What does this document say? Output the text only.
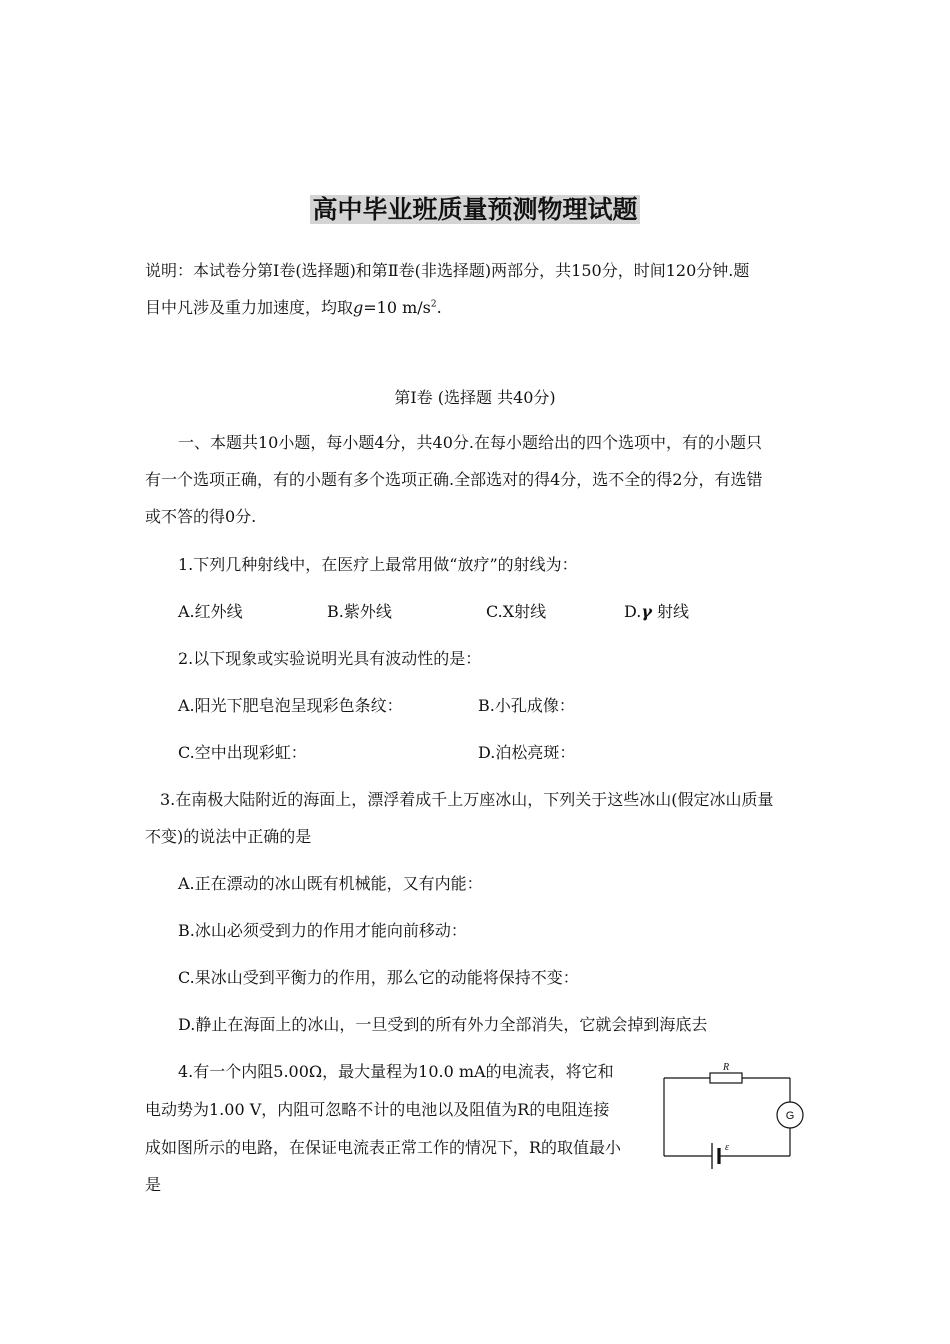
高中毕业班质量预测物理试题
说明：本试卷分第Ⅰ卷(选择题)和第Ⅱ卷(非选择题)两部分，共150分，时间120分钟.题
目中凡涉及重力加速度，均取g=10 $m/s^2$.
第Ⅰ卷 (选择题 共40分)
一、本题共10小题，每小题4分，共40分.在每小题给出的四个选项中，有的小题只
有一个选项正确，有的小题有多个选项正确.全部选对的得4分，选不全的得2分，有选错
或不答的得0分.
1.下列几种射线中，在医疗上最常用做“放疗”的射线为：
A.红外线	B.紫外线	C.X射线	D.γ 射线
2.以下现象或实验说明光具有波动性的是：
A.阳光下肥皂泡呈现彩色条纹：	B.小孔成像：
C.空中出现彩虹：	D.泊松亮斑：
3.在南极大陆附近的海面上，漂浮着成千上万座冰山，下列关于这些冰山(假定冰山质量
不变)的说法中正确的是
A.正在漂动的冰山既有机械能，又有内能：
B.冰山必须受到力的作用才能向前移动：
C.果冰山受到平衡力的作用，那么它的动能将保持不变：
D.静止在海面上的冰山，一旦受到的所有外力全部消失，它就会掉到海底去
4.有一个内阻5.00Ω，最大量程为10.0 mA的电流表，将它和
电动势为1.00 V，内阻可忽略不计的电池以及阻值为R的电阻连接
成如图所示的电路，在保证电流表正常工作的情况下，R的取值最小
是
R
G
ε
